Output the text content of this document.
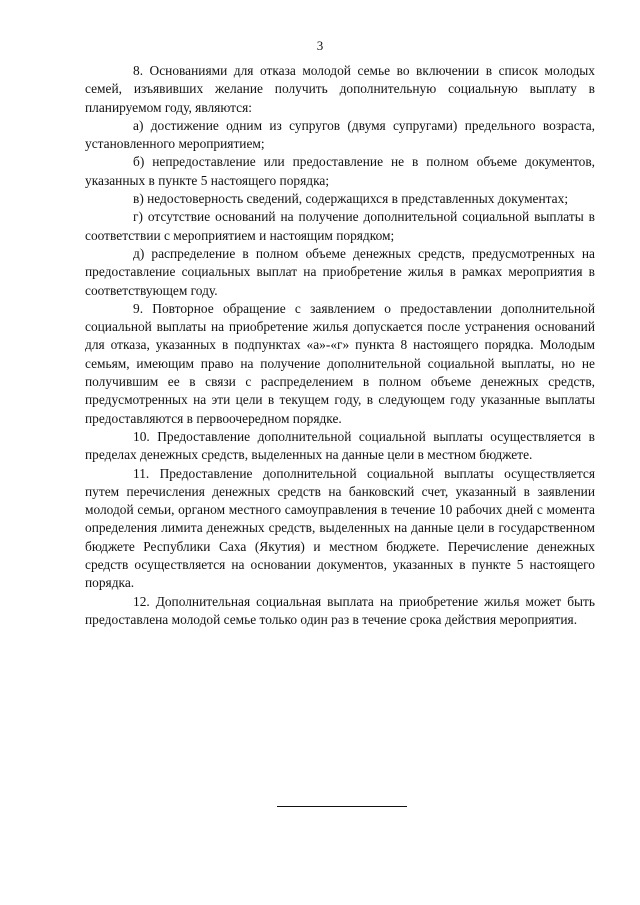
3

8. Основаниями для отказа молодой семье во включении в список молодых семей, изъявивших желание получить дополнительную социальную выплату в планируемом году, являются:

а) достижение одним из супругов (двумя супругами) предельного возраста, установленного мероприятием;

б) непредоставление или предоставление не в полном объеме документов, указанных в пункте 5 настоящего порядка;

в) недостоверность сведений, содержащихся в представленных документах;

г) отсутствие оснований на получение дополнительной социальной выплаты в соответствии с мероприятием и настоящим порядком;

д) распределение в полном объеме денежных средств, предусмотренных на предоставление социальных выплат на приобретение жилья в рамках мероприятия в соответствующем году.

9. Повторное обращение с заявлением о предоставлении дополнительной социальной выплаты на приобретение жилья допускается после устранения оснований для отказа, указанных в подпунктах «а»-«г» пункта 8 настоящего порядка. Молодым семьям, имеющим право на получение дополнительной социальной выплаты, но не получившим ее в связи с распределением в полном объеме денежных средств, предусмотренных на эти цели в текущем году, в следующем году указанные выплаты предоставляются в первоочередном порядке.

10. Предоставление дополнительной социальной выплаты осуществляется в пределах денежных средств, выделенных на данные цели в местном бюджете.

11. Предоставление дополнительной социальной выплаты осуществляется путем перечисления денежных средств на банковский счет, указанный в заявлении молодой семьи, органом местного самоуправления в течение 10 рабочих дней с момента определения лимита денежных средств, выделенных на данные цели в государственном бюджете Республики Саха (Якутия) и местном бюджете. Перечисление денежных средств осуществляется на основании документов, указанных в пункте 5 настоящего порядка.

12. Дополнительная социальная выплата на приобретение жилья может быть предоставлена молодой семье только один раз в течение срока действия мероприятия.
